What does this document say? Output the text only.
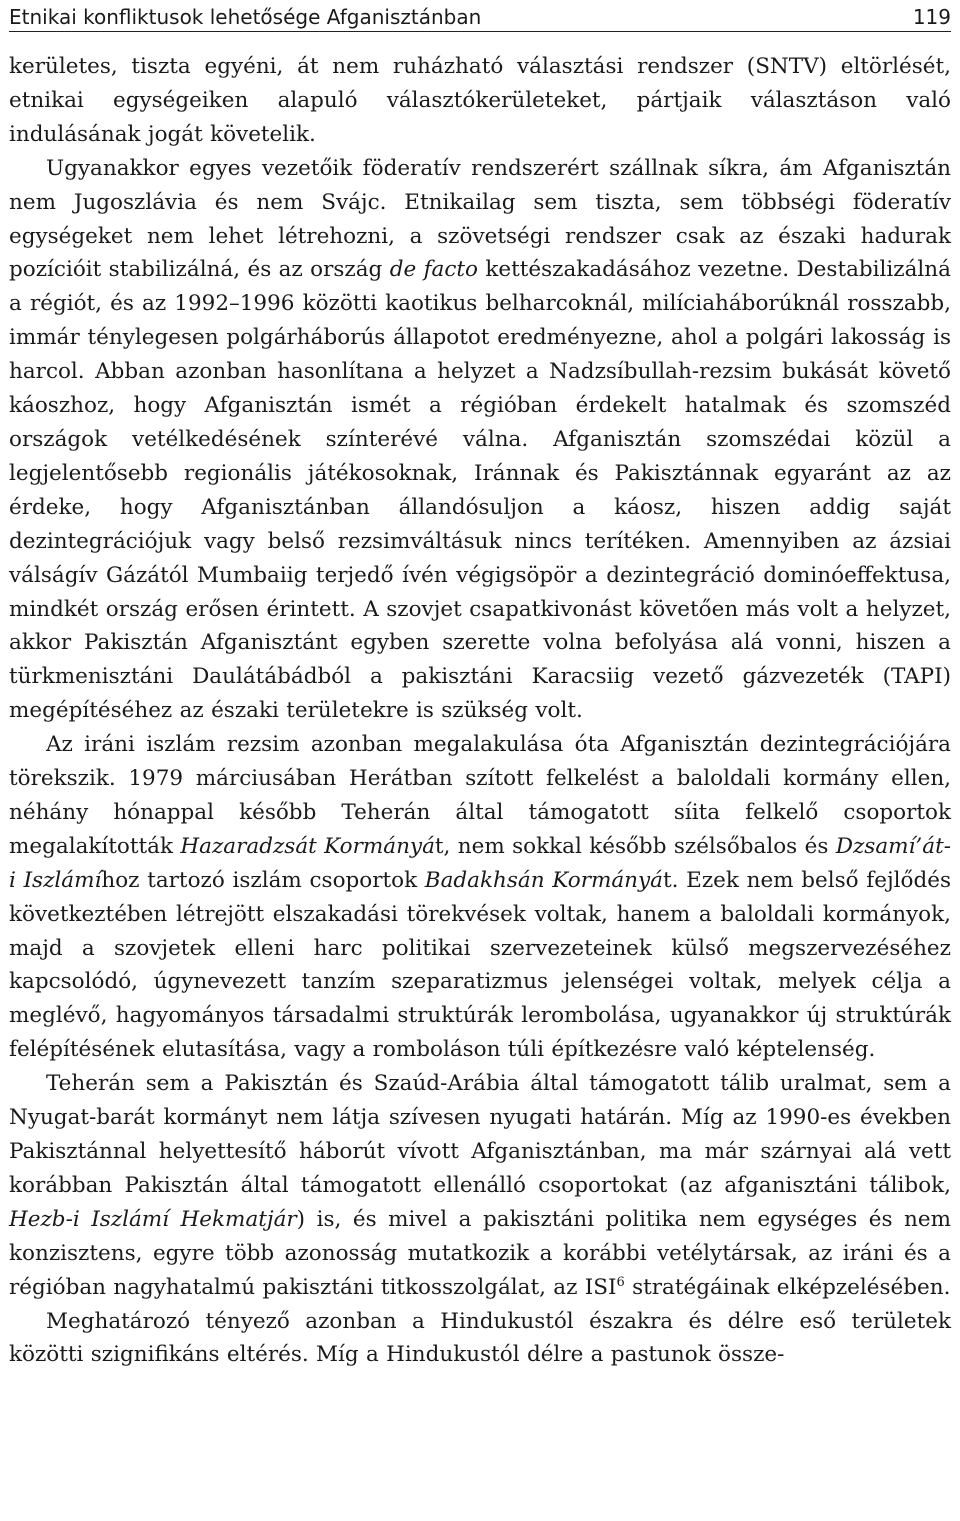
Etnikai konfliktusok lehetősége Afganisztánban	119

kerületes, tiszta egyéni, át nem ruházható választási rendszer (SNTV) eltörlését, etnikai egységeiken alapuló választókerületeket, pártjaik választáson való indulásának jogát követelik.
Ugyanakkor egyes vezetőik föderatív rendszerért szállnak síkra, ám Afganisztán nem Jugoszlávia és nem Svájc. Etnikailag sem tiszta, sem többségi föderatív egységeket nem lehet létrehozni, a szövetségi rendszer csak az északi hadurak pozícióit stabilizálná, és az ország de facto kettészakadásához vezetne. Destabilizálná a régiót, és az 1992–1996 közötti kaotikus belharcoknál, milíciaháborúknál rosszabb, immár ténylegesen polgárháborús állapotot eredményezne, ahol a polgári lakosság is harcol. Abban azonban hasonlítana a helyzet a Nadzsíbullah-rezsim bukását követő káoszhoz, hogy Afganisztán ismét a régióban érdekelt hatalmak és szomszéd országok vetélkedésének színterévé válna. Afganisztán szomszédai közül a legjelentősebb regionális játékosoknak, Iránnak és Pakisztánnak egyaránt az az érdeke, hogy Afganisztánban állandósuljon a káosz, hiszen addig saját dezintegrációjuk vagy belső rezsimváltásuk nincs terítéken. Amennyiben az ázsiai válságív Gázától Mumbaiig terjedő ívén végigsöpör a dezintegráció dominóeffektusa, mindkét ország erősen érintett. A szovjet csapatkivonást követően más volt a helyzet, akkor Pakisztán Afganisztánt egyben szerette volna befolyása alá vonni, hiszen a türkmenisztáni Daulátábádból a pakisztáni Karacsiig vezető gázvezeték (TAPI) megépítéséhez az északi területekre is szükség volt.

Az iráni iszlám rezsim azonban megalakulása óta Afganisztán dezintegrációjára törekszik. 1979 márciusában Herátban szított felkelést a baloldali kormány ellen, néhány hónappal később Teherán által támogatott síita felkelő csoportok megalakították Hazaradzsát Kormányát, nem sokkal később szélsőbalos és Dzsamí’át-i Iszlámíhoz tartozó iszlám csoportok Badakhsán Kormányát. Ezek nem belső fejlődés következtében létrejött elszakadási törekvések voltak, hanem a baloldali kormányok, majd a szovjetek elleni harc politikai szervezeteinek külső megszervezéséhez kapcsolódó, úgynevezett tanzím szeparatizmus jelenségei voltak, melyek célja a meglévő, hagyományos társadalmi struktúrák lerombolása, ugyanakkor új struktúrák felépítésének elutasítása, vagy a romboláson túli építkezésre való képtelenség.

Teherán sem a Pakisztán és Szaúd-Arábia által támogatott tálib uralmat, sem a Nyugat-barát kormányt nem látja szívesen nyugati határán. Míg az 1990-es években Pakisztánnal helyettesítő háborút vívott Afganisztánban, ma már szárnyai alá vett korábban Pakisztán által támogatott ellenálló csoportokat (az afganisztáni tálibok, Hezb-i Iszlámí Hekmatjár) is, és mivel a pakisztáni politika nem egységes és nem konzisztens, egyre több azonosság mutatkozik a korábbi vetélytársak, az iráni és a régióban nagyhatalmú pakisztáni titkosszolgálat, az ISI$^6$ stratégáinak elképzelésében.

Meghatározó tényező azonban a Hindukustól északra és délre eső területek közötti szignifikáns eltérés. Míg a Hindukustól délre a pastunok össze-
